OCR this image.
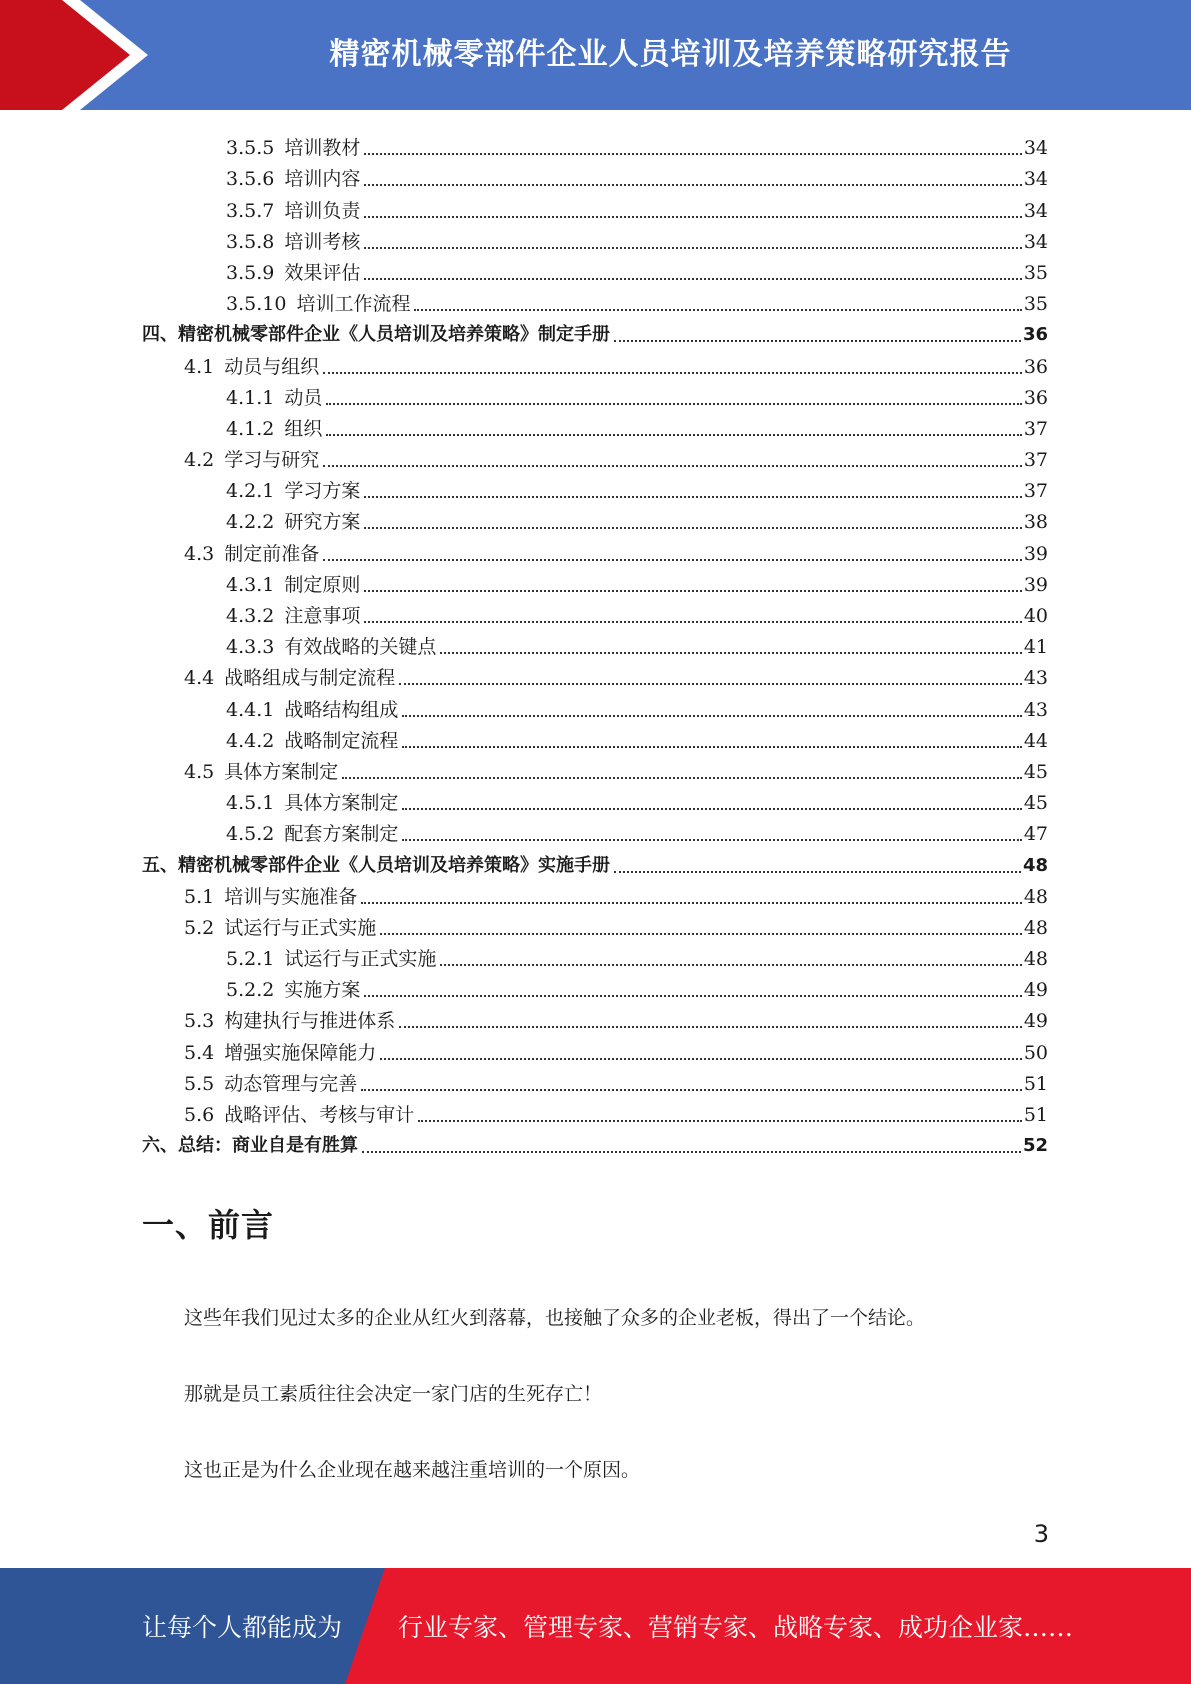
精密机械零部件企业人员培训及培养策略研究报告
3.5.5 培训教材	34
3.5.6 培训内容	34
3.5.7 培训负责	34
3.5.8 培训考核	34
3.5.9 效果评估	35
3.5.10 培训工作流程	35
四、精密机械零部件企业《人员培训及培养策略》制定手册	36
4.1 动员与组织	36
4.1.1 动员	36
4.1.2 组织	37
4.2 学习与研究	37
4.2.1 学习方案	37
4.2.2 研究方案	38
4.3 制定前准备	39
4.3.1 制定原则	39
4.3.2 注意事项	40
4.3.3 有效战略的关键点	41
4.4 战略组成与制定流程	43
4.4.1 战略结构组成	43
4.4.2 战略制定流程	44
4.5 具体方案制定	45
4.5.1 具体方案制定	45
4.5.2 配套方案制定	47
五、精密机械零部件企业《人员培训及培养策略》实施手册	48
5.1 培训与实施准备	48
5.2 试运行与正式实施	48
5.2.1 试运行与正式实施	48
5.2.2 实施方案	49
5.3 构建执行与推进体系	49
5.4 增强实施保障能力	50
5.5 动态管理与完善	51
5.6 战略评估、考核与审计	51
六、总结：商业自是有胜算	52
一、前言
这些年我们见过太多的企业从红火到落幕，也接触了众多的企业老板，得出了一个结论。
那就是员工素质往往会决定一家门店的生死存亡！
这也正是为什么企业现在越来越注重培训的一个原因。
3
让每个人都能成为 行业专家、管理专家、营销专家、战略专家、成功企业家……
